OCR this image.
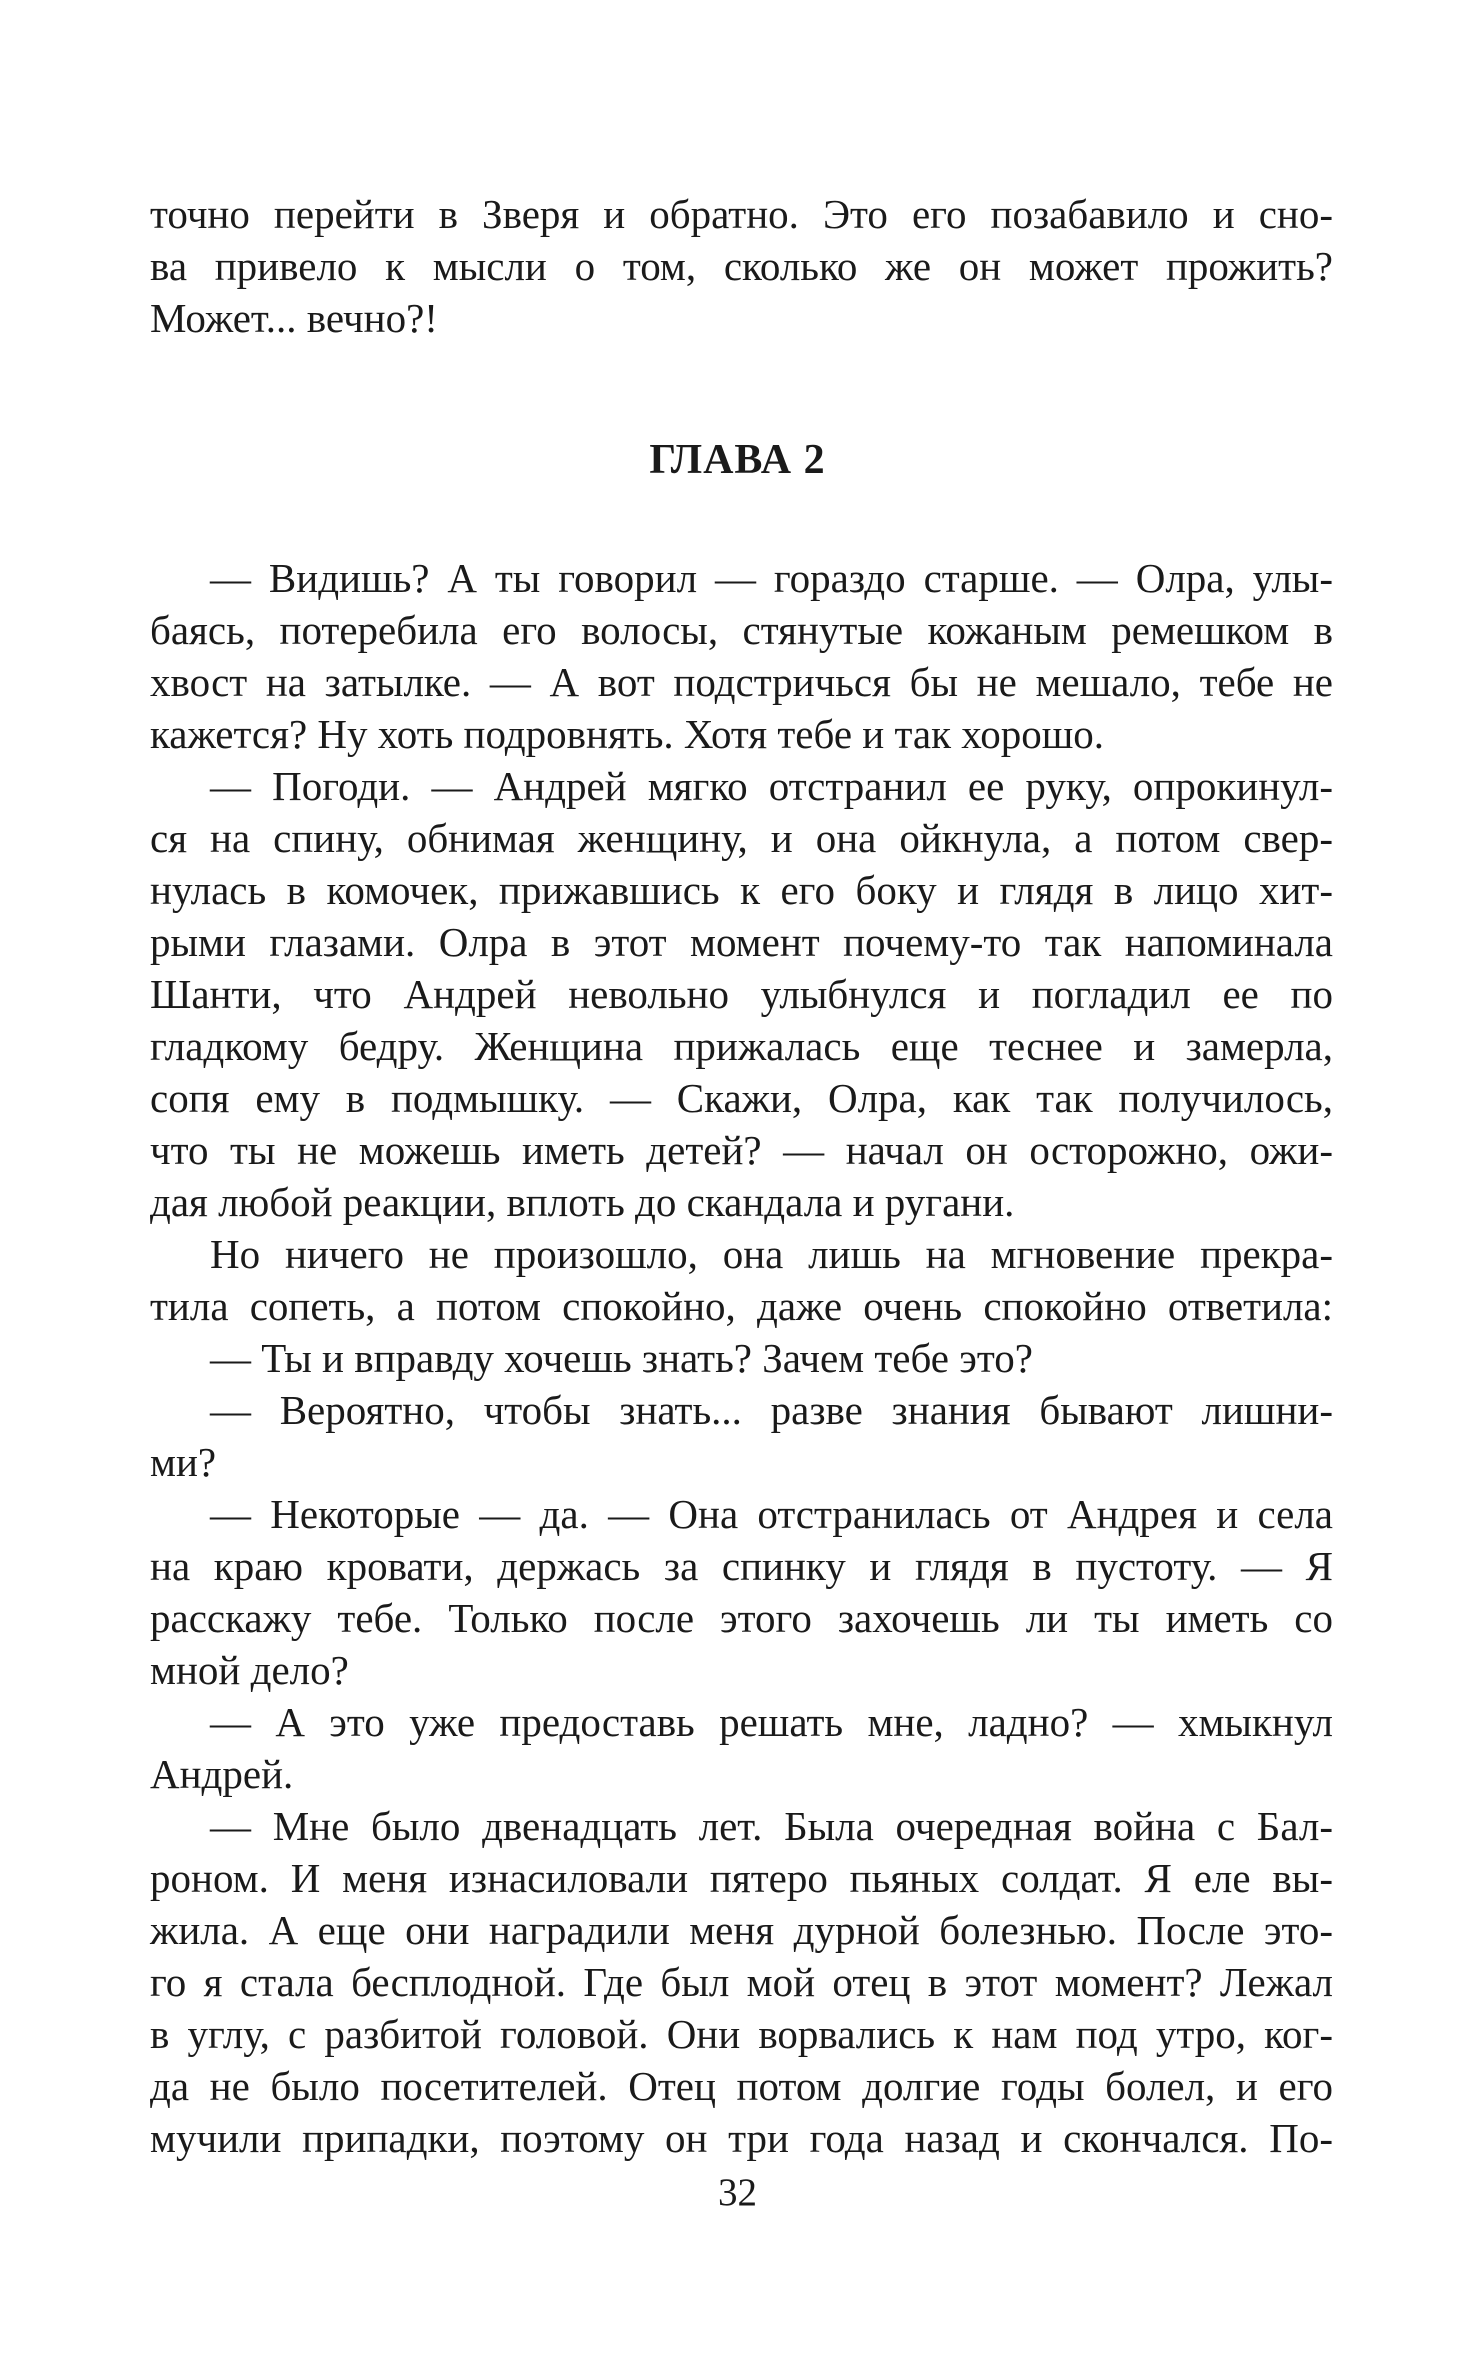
точно перейти в Зверя и обратно. Это его позабавило и сно-
ва привело к мысли о том, сколько же он может прожить?
Может... вечно?!
ГЛАВА 2
— Видишь? А ты говорил — гораздо старше. — Олра, улы-
баясь, потеребила его волосы, стянутые кожаным ремешком в
хвост на затылке. — А вот подстричься бы не мешало, тебе не
кажется? Ну хоть подровнять. Хотя тебе и так хорошо.
— Погоди. — Андрей мягко отстранил ее руку, опрокинул-
ся на спину, обнимая женщину, и она ойкнула, а потом свер-
нулась в комочек, прижавшись к его боку и глядя в лицо хит-
рыми глазами. Олра в этот момент почему-то так напоминала
Шанти, что Андрей невольно улыбнулся и погладил ее по
гладкому бедру. Женщина прижалась еще теснее и замерла,
сопя ему в подмышку. — Скажи, Олра, как так получилось,
что ты не можешь иметь детей? — начал он осторожно, ожи-
дая любой реакции, вплоть до скандала и ругани.
Но ничего не произошло, она лишь на мгновение прекра-
тила сопеть, а потом спокойно, даже очень спокойно ответила:
— Ты и вправду хочешь знать? Зачем тебе это?
— Вероятно, чтобы знать... разве знания бывают лишни-
ми?
— Некоторые — да. — Она отстранилась от Андрея и села
на краю кровати, держась за спинку и глядя в пустоту. — Я
расскажу тебе. Только после этого захочешь ли ты иметь со
мной дело?
— А это уже предоставь решать мне, ладно? — хмыкнул
Андрей.
— Мне было двенадцать лет. Была очередная война с Бал-
роном. И меня изнасиловали пятеро пьяных солдат. Я еле вы-
жила. А еще они наградили меня дурной болезнью. После это-
го я стала бесплодной. Где был мой отец в этот момент? Лежал
в углу, с разбитой головой. Они ворвались к нам под утро, ког-
да не было посетителей. Отец потом долгие годы болел, и его
мучили припадки, поэтому он три года назад и скончался. По-
32
